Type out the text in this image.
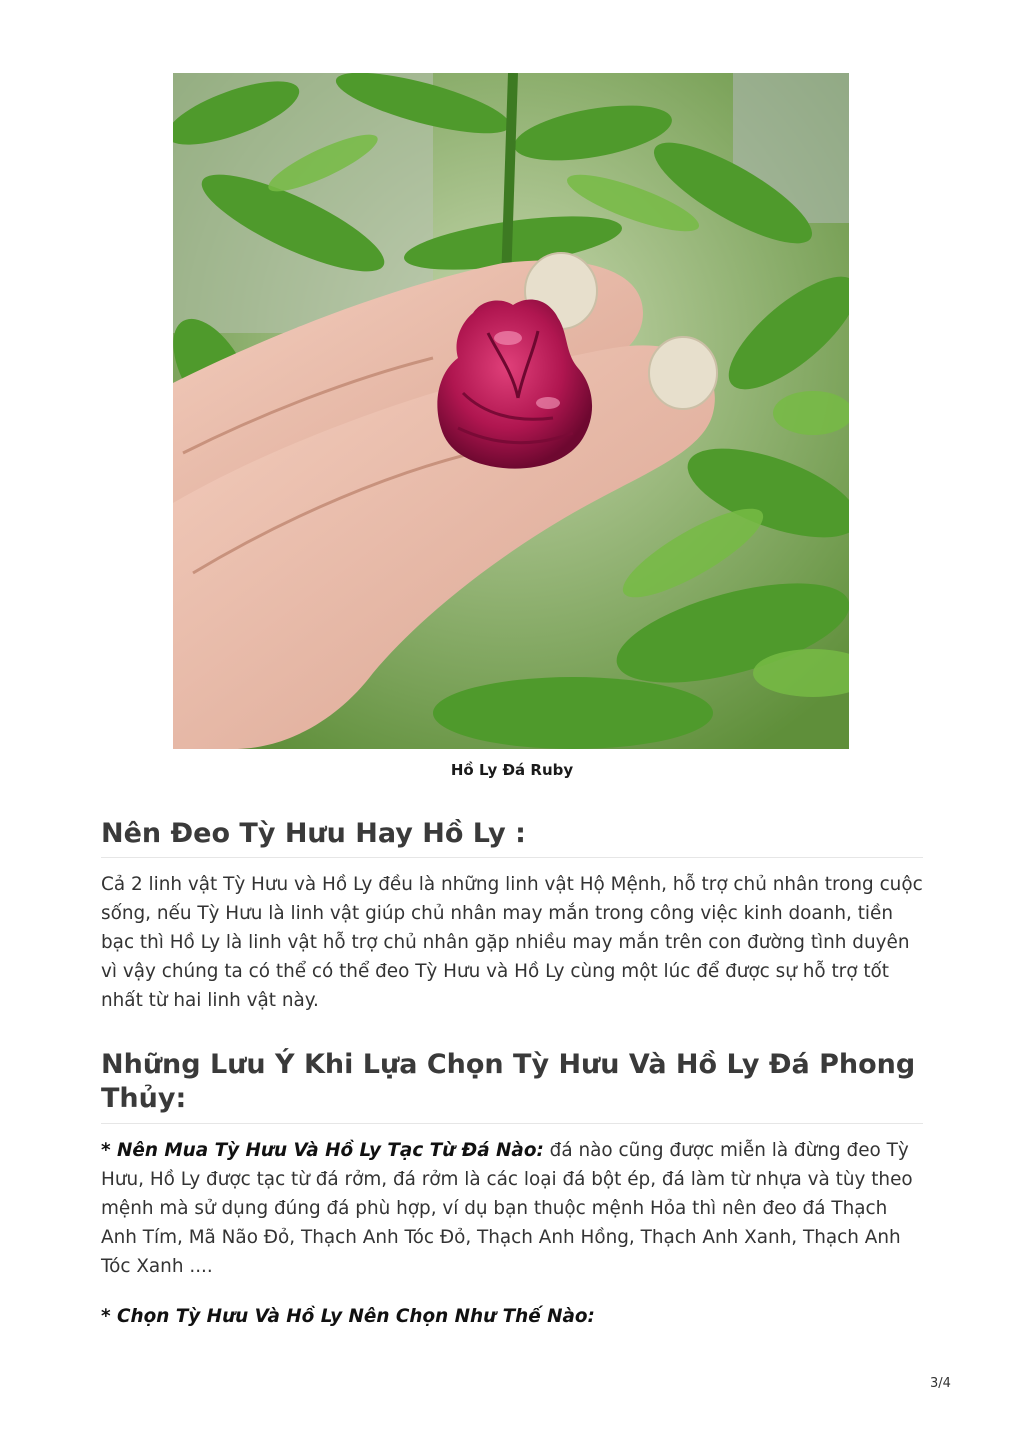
Hồ Ly Đá Ruby
Nên Đeo Tỳ Hưu Hay Hồ Ly :

Cả 2 linh vật Tỳ Hưu và Hồ Ly đều là những linh vật Hộ Mệnh, hỗ trợ chủ nhân trong cuộc sống, nếu Tỳ Hưu là linh vật giúp chủ nhân may mắn trong công việc kinh doanh, tiền bạc thì Hồ Ly là linh vật hỗ trợ chủ nhân gặp nhiều may mắn trên con đường tình duyên vì vậy chúng ta có thể có thể đeo Tỳ Hưu và Hồ Ly cùng một lúc để được sự hỗ trợ tốt nhất từ hai linh vật này.

Những Lưu Ý Khi Lựa Chọn Tỳ Hưu Và Hồ Ly Đá Phong Thủy:

* Nên Mua Tỳ Hưu Và Hồ Ly Tạc Từ Đá Nào: đá nào cũng được miễn là đừng đeo Tỳ Hưu, Hồ Ly được tạc từ đá rởm, đá rởm là các loại đá bột ép, đá làm từ nhựa và tùy theo mệnh mà sử dụng đúng đá phù hợp, ví dụ bạn thuộc mệnh Hỏa thì nên đeo đá Thạch Anh Tím, Mã Não Đỏ, Thạch Anh Tóc Đỏ, Thạch Anh Hồng, Thạch Anh Xanh, Thạch Anh Tóc Xanh ....

* Chọn Tỳ Hưu Và Hồ Ly Nên Chọn Như Thế Nào:

3/4
